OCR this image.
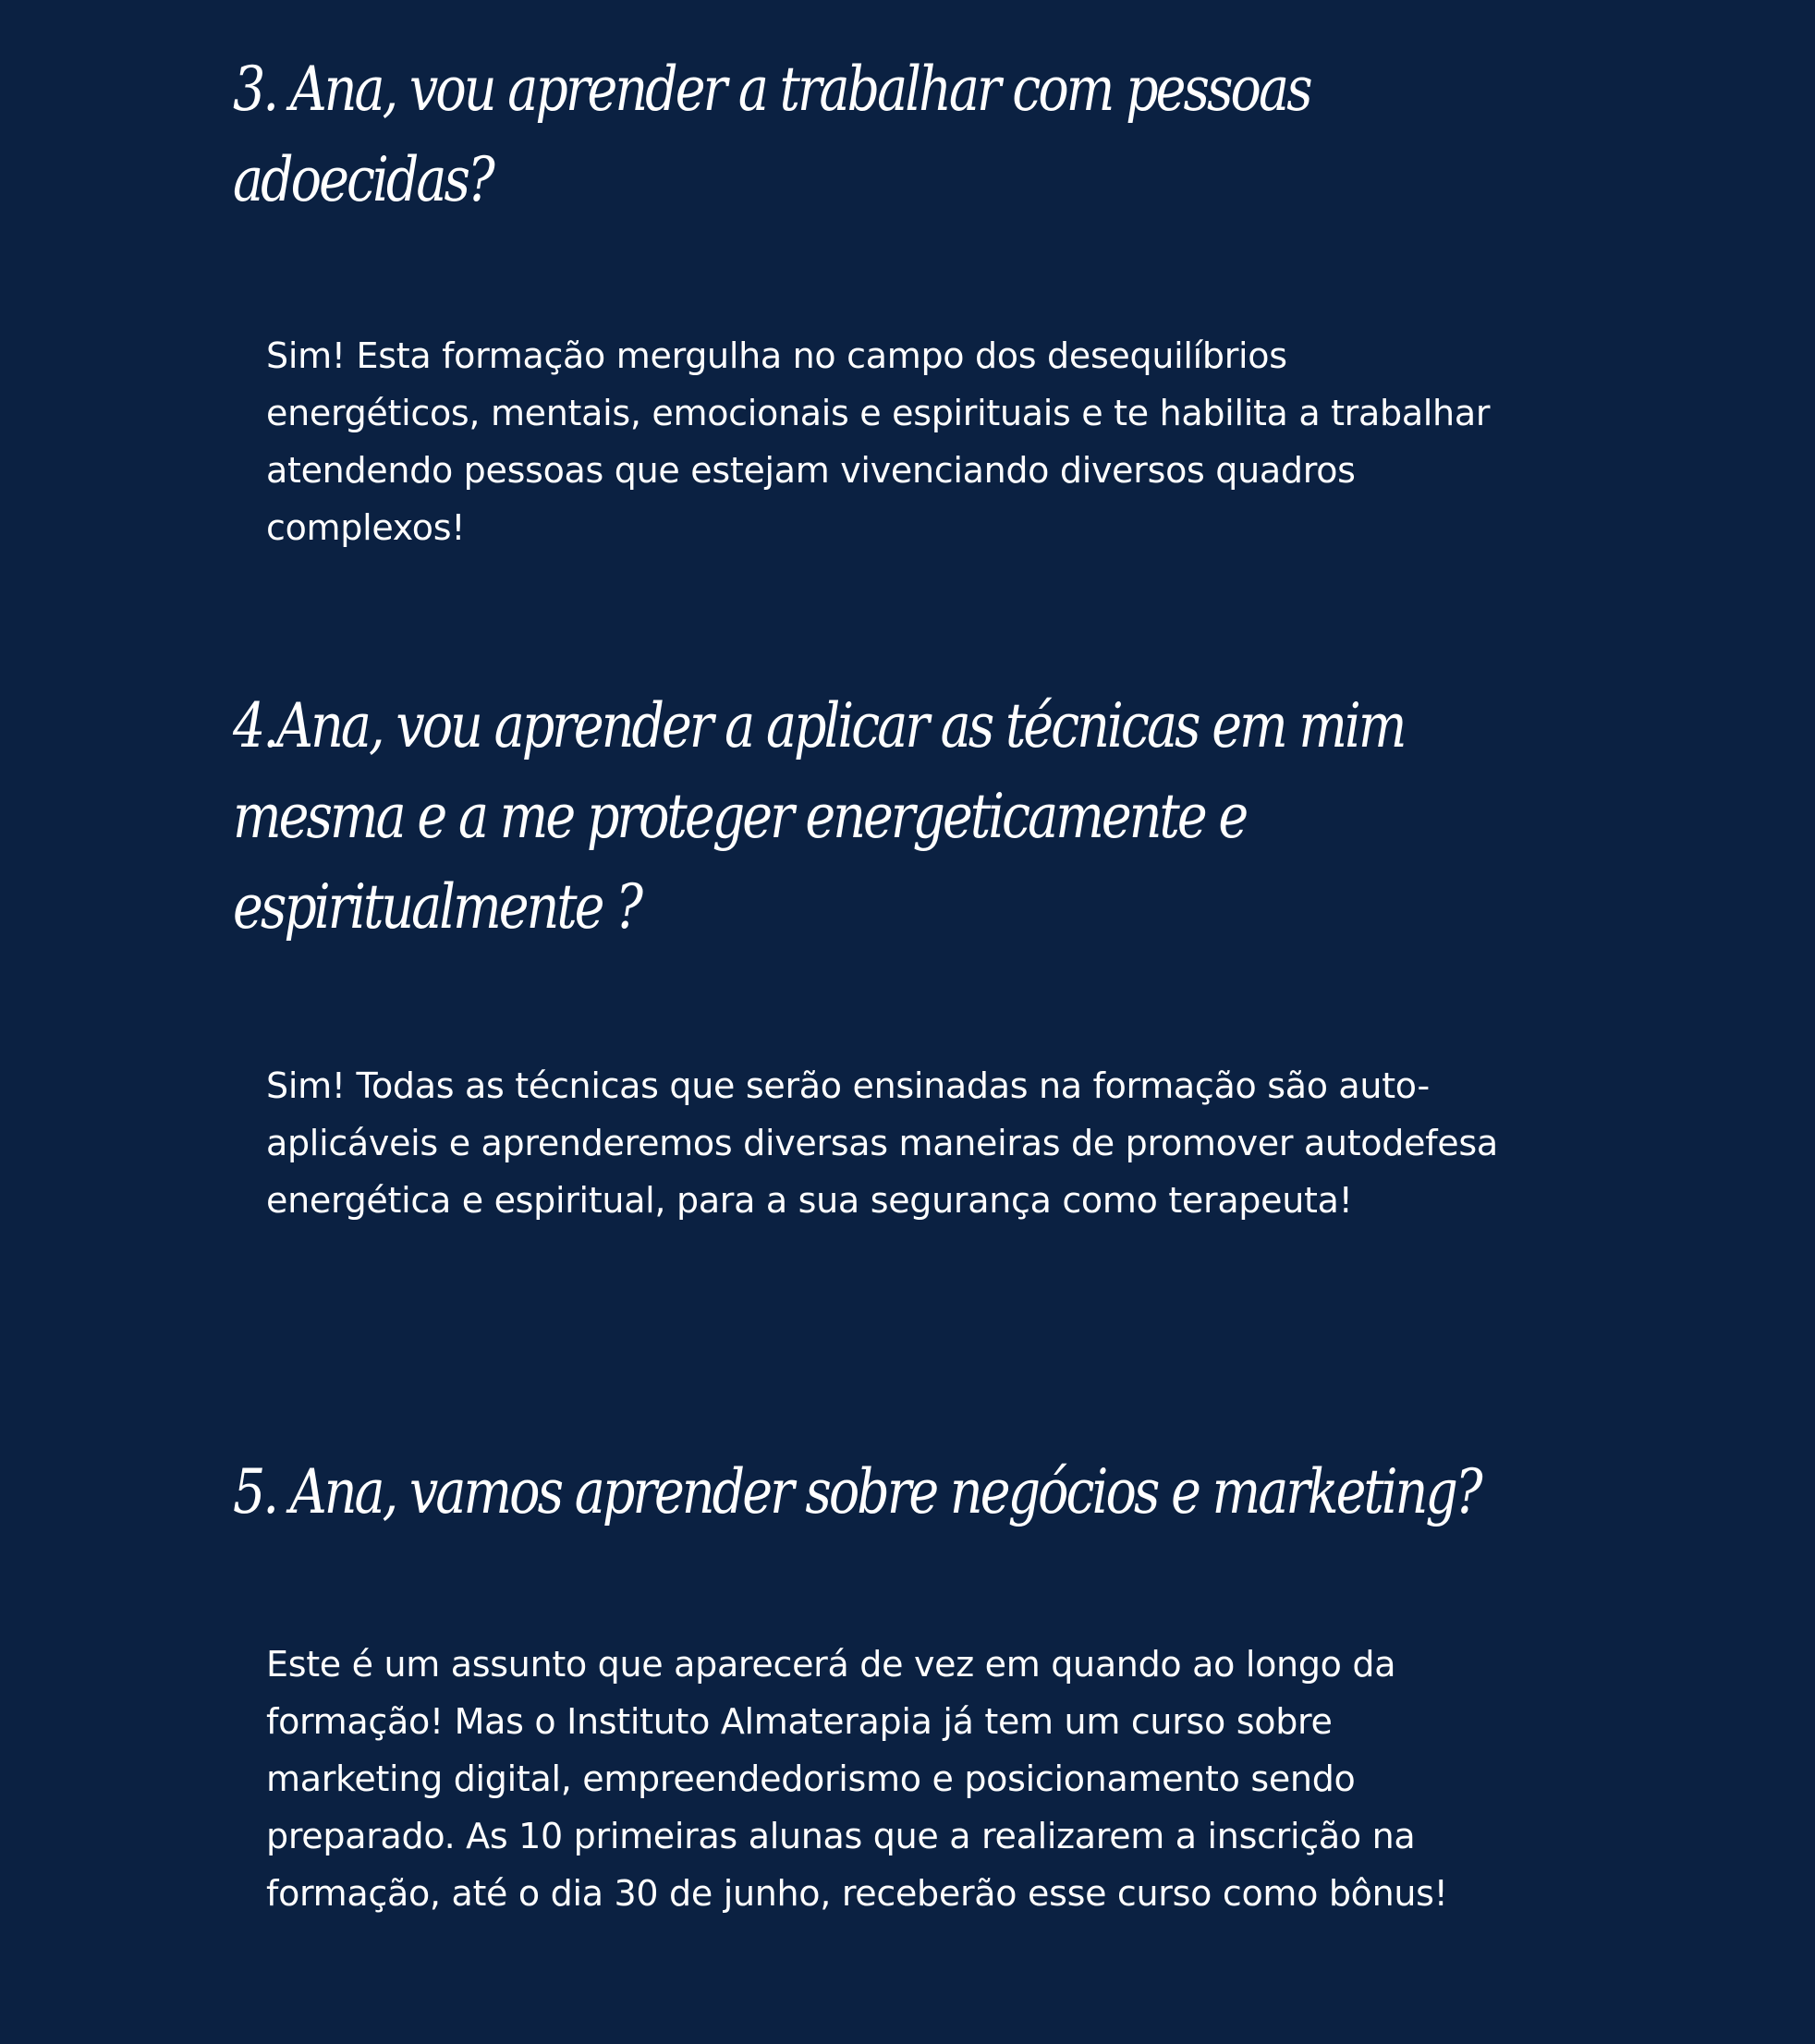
3. Ana, vou aprender a trabalhar com pessoas
adoecidas?

Sim! Esta formação mergulha no campo dos desequilíbrios
energéticos, mentais, emocionais e espirituais e te habilita a trabalhar
atendendo pessoas que estejam vivenciando diversos quadros
complexos!

4.Ana, vou aprender a aplicar as técnicas em mim
mesma e a me proteger energeticamente e
espiritualmente ?

Sim! Todas as técnicas que serão ensinadas na formação são auto-
aplicáveis e aprenderemos diversas maneiras de promover autodefesa
energética e espiritual, para a sua segurança como terapeuta!

5. Ana, vamos aprender sobre negócios e marketing?

Este é um assunto que aparecerá de vez em quando ao longo da
formação! Mas o Instituto Almaterapia já tem um curso sobre
marketing digital, empreendedorismo e posicionamento sendo
preparado. As 10 primeiras alunas que a realizarem a inscrição na
formação, até o dia 30 de junho, receberão esse curso como bônus!
